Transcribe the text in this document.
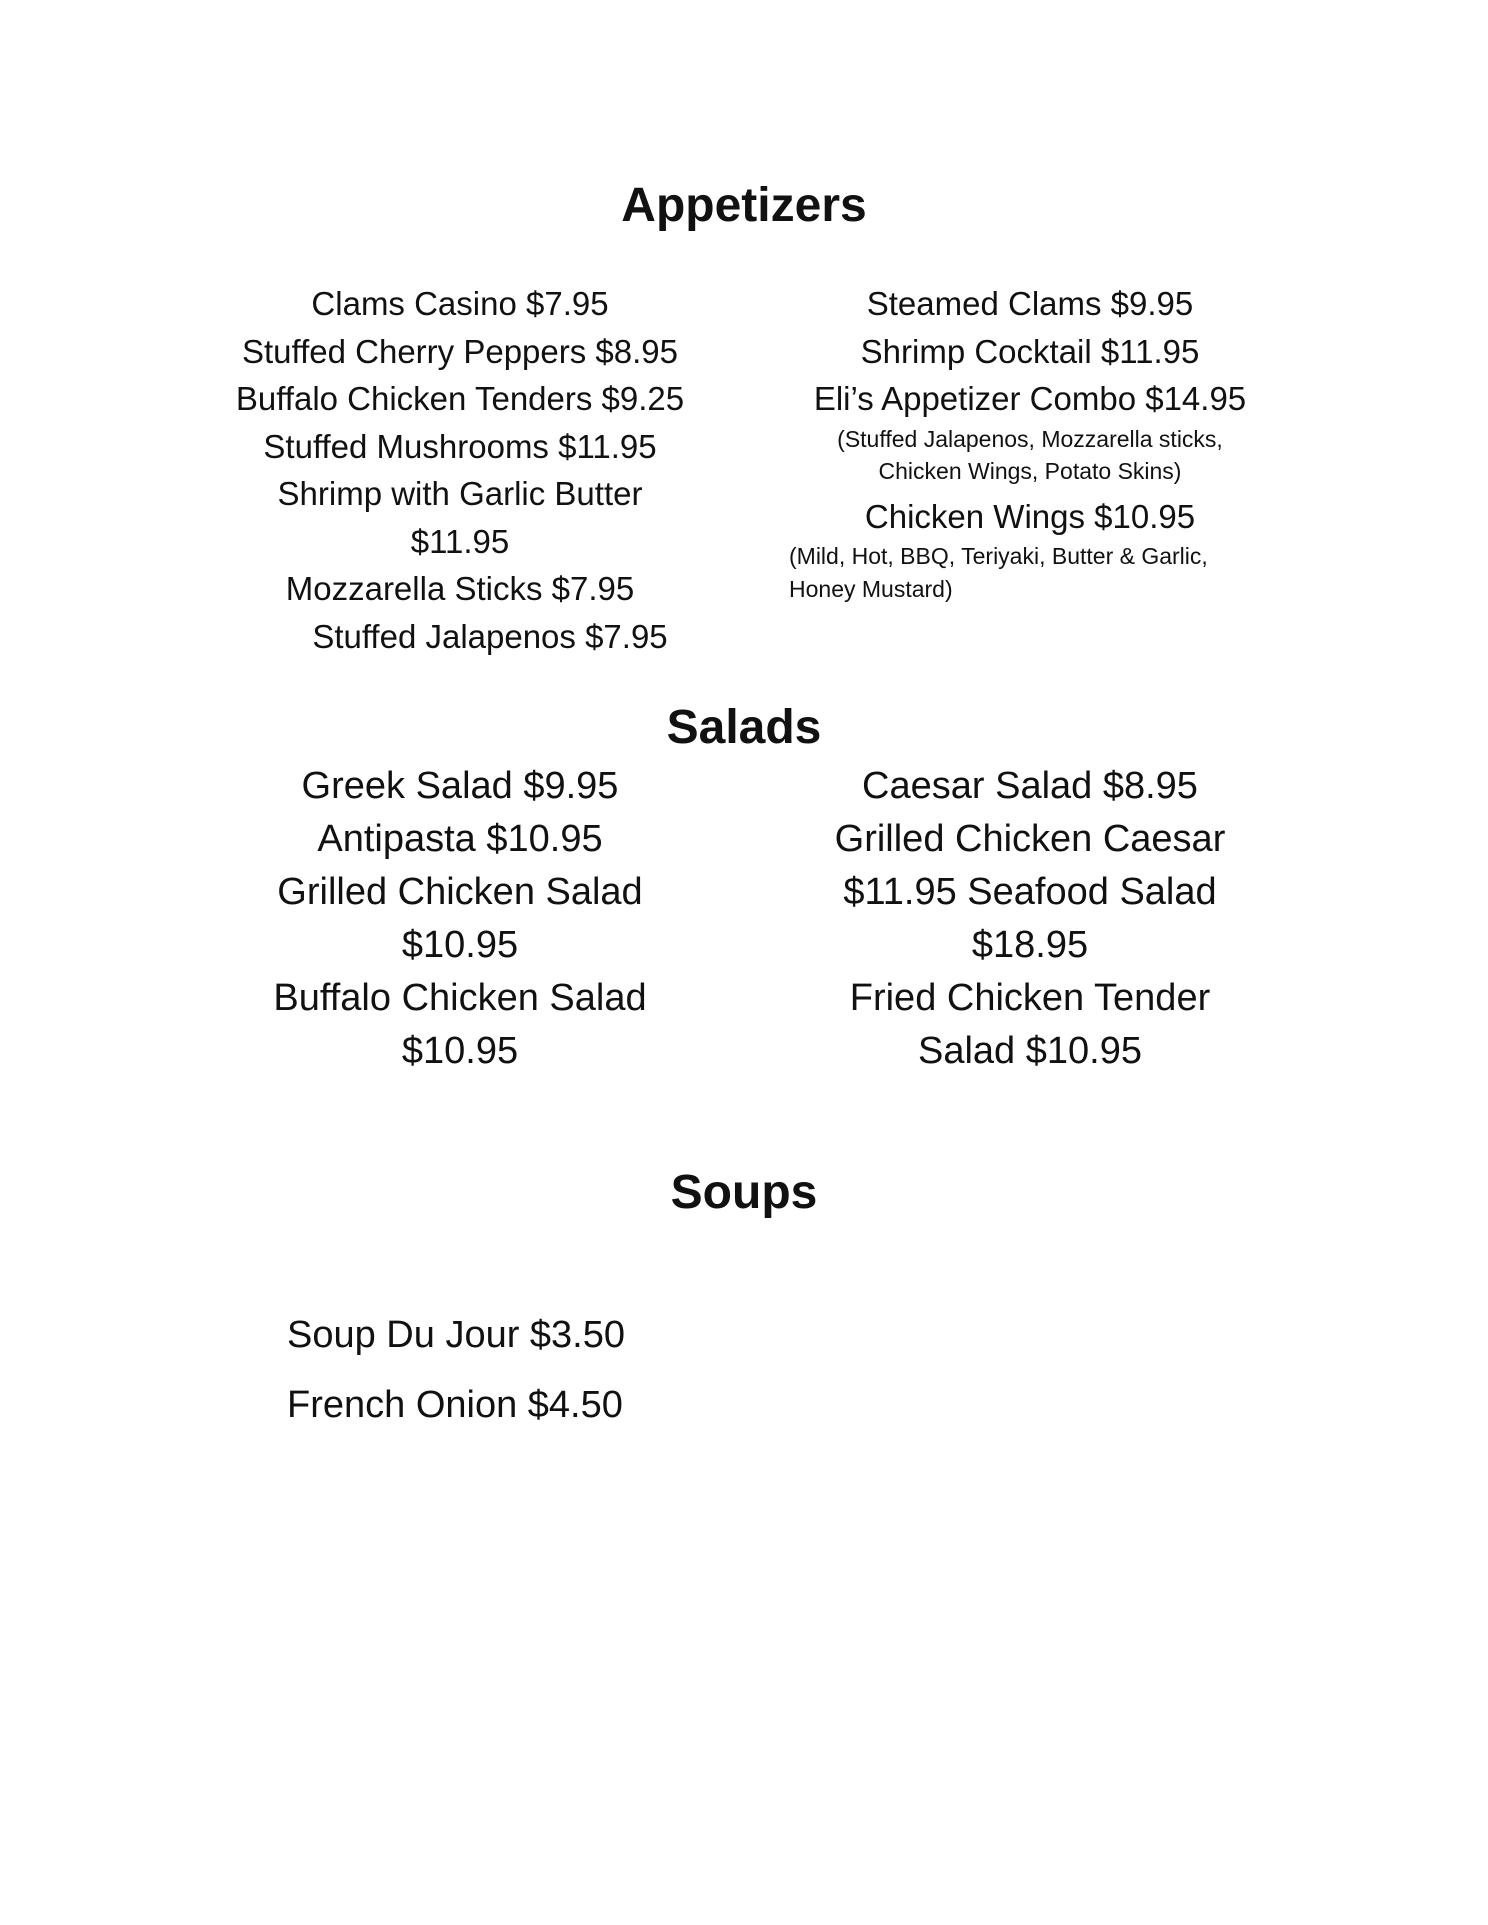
Appetizers
Clams Casino $7.95
Stuffed Cherry Peppers $8.95
Buffalo Chicken Tenders $9.25
Stuffed Mushrooms $11.95
Shrimp with Garlic Butter
$11.95
Mozzarella Sticks $7.95
Stuffed Jalapenos $7.95
Steamed Clams $9.95
Shrimp Cocktail $11.95
Eli’s Appetizer Combo $14.95
(Stuffed Jalapenos, Mozzarella sticks,
Chicken Wings, Potato Skins)
Chicken Wings $10.95
(Mild, Hot, BBQ, Teriyaki, Butter & Garlic, Honey Mustard)
Salads
Greek Salad $9.95
Antipasta $10.95
Grilled Chicken Salad
$10.95
Buffalo Chicken Salad
$10.95
Caesar Salad $8.95
Grilled Chicken Caesar
$11.95 Seafood Salad
$18.95
Fried Chicken Tender
Salad $10.95
Soups
Soup Du Jour $3.50
French Onion $4.50
